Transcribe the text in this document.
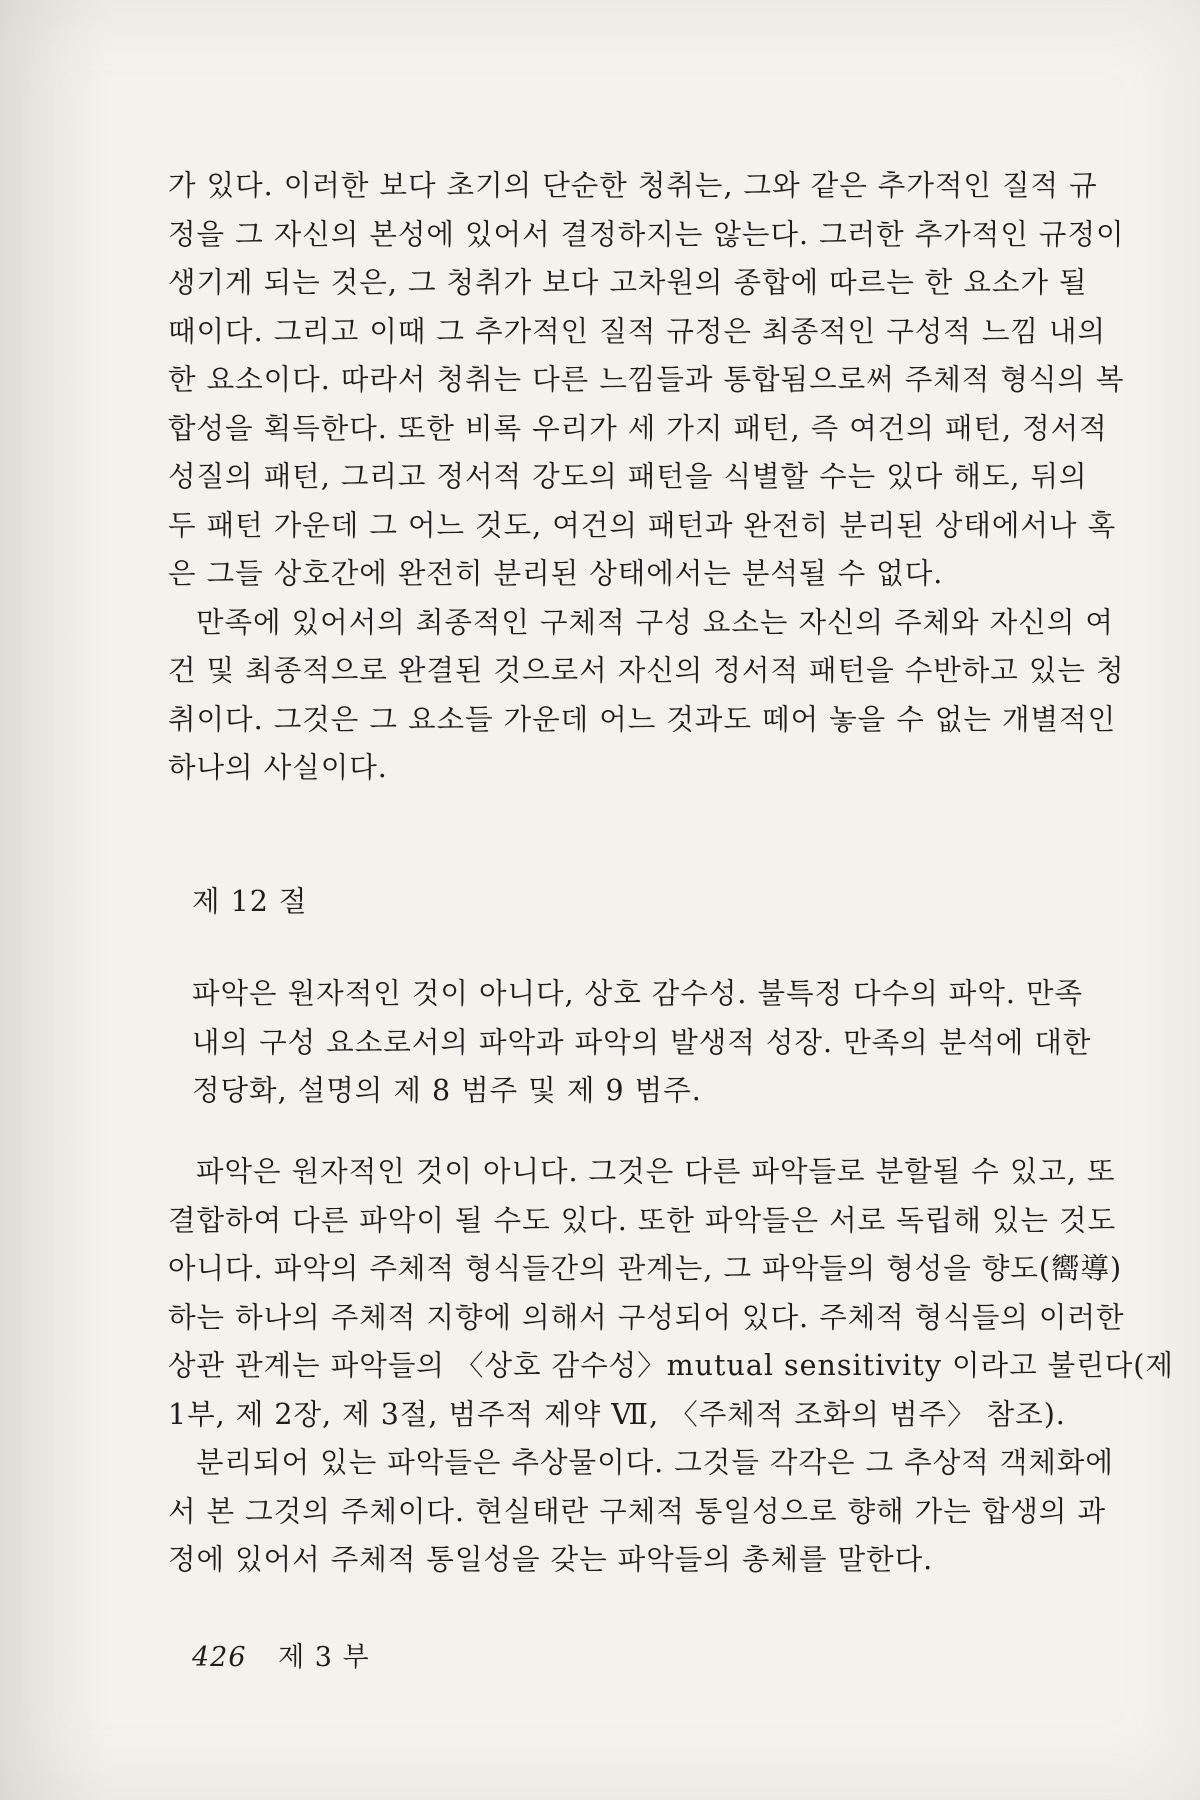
가 있다. 이러한 보다 초기의 단순한 청취는, 그와 같은 추가적인 질적 규
정을 그 자신의 본성에 있어서 결정하지는 않는다. 그러한 추가적인 규정이
생기게 되는 것은, 그 청취가 보다 고차원의 종합에 따르는 한 요소가 될
때이다. 그리고 이때 그 추가적인 질적 규정은 최종적인 구성적 느낌 내의
한 요소이다. 따라서 청취는 다른 느낌들과 통합됨으로써 주체적 형식의 복
합성을 획득한다. 또한 비록 우리가 세 가지 패턴, 즉 여건의 패턴, 정서적
성질의 패턴, 그리고 정서적 강도의 패턴을 식별할 수는 있다 해도, 뒤의
두 패턴 가운데 그 어느 것도, 여건의 패턴과 완전히 분리된 상태에서나 혹
은 그들 상호간에 완전히 분리된 상태에서는 분석될 수 없다.
만족에 있어서의 최종적인 구체적 구성 요소는 자신의 주체와 자신의 여
건 및 최종적으로 완결된 것으로서 자신의 정서적 패턴을 수반하고 있는 청
취이다. 그것은 그 요소들 가운데 어느 것과도 떼어 놓을 수 없는 개별적인
하나의 사실이다.
제 12 절
파악은 원자적인 것이 아니다, 상호 감수성. 불특정 다수의 파악. 만족
내의 구성 요소로서의 파악과 파악의 발생적 성장. 만족의 분석에 대한
정당화, 설명의 제 8 범주 및 제 9 범주.
파악은 원자적인 것이 아니다. 그것은 다른 파악들로 분할될 수 있고, 또
결합하여 다른 파악이 될 수도 있다. 또한 파악들은 서로 독립해 있는 것도
아니다. 파악의 주체적 형식들간의 관계는, 그 파악들의 형성을 향도(嚮導)
하는 하나의 주체적 지향에 의해서 구성되어 있다. 주체적 형식들의 이러한
상관 관계는 파악들의 〈상호 감수성〉mutual sensitivity 이라고 불린다(제
1부, 제 2장, 제 3절, 범주적 제약 Ⅶ, 〈주체적 조화의 범주〉 참조).
분리되어 있는 파악들은 추상물이다. 그것들 각각은 그 추상적 객체화에
서 본 그것의 주체이다. 현실태란 구체적 통일성으로 향해 가는 합생의 과
정에 있어서 주체적 통일성을 갖는 파악들의 총체를 말한다.
426 제 3 부
